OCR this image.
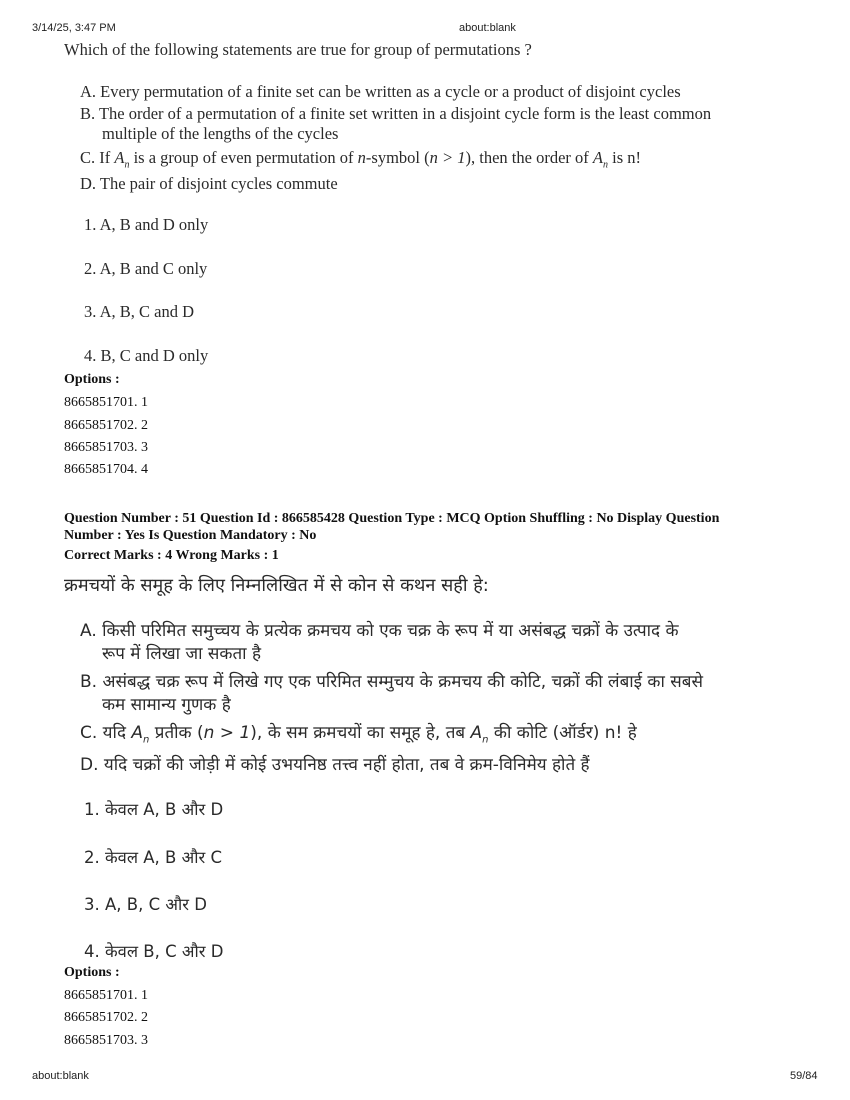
3/14/25, 3:47 PM	about:blank
Which of the following statements are true for group of permutations ?
A. Every permutation of a finite set can be written as a cycle or a product of disjoint cycles
B. The order of a permutation of a finite set written in a disjoint cycle form is the least common
multiple of the lengths of the cycles
C. If $A_n$ is a group of even permutation of n-symbol (n > 1), then the order of $A_n$ is n!
D. The pair of disjoint cycles commute
1. A, B and D only
2. A, B and C only
3. A, B, C and D
4. B, C and D only
Options :
8665851701. 1
8665851702. 2
8665851703. 3
8665851704. 4
Question Number : 51 Question Id : 866585428 Question Type : MCQ Option Shuffling : No Display Question
Number : Yes Is Question Mandatory : No
Correct Marks : 4 Wrong Marks : 1
क्रमचयों के समूह के लिए निम्नलिखित में से कोन से कथन सही हे:
A. किसी परिमित समुच्चय के प्रत्येक क्रमचय को एक चक्र के रूप में या असंबद्ध चक्रों के उत्पाद के
रूप में लिखा जा सकता है
B. असंबद्ध चक्र रूप में लिखे गए एक परिमित सम्मुचय के क्रमचय की कोटि, चक्रों की लंबाई का सबसे
कम सामान्य गुणक है
C. यदि $A_n$ प्रतीक (n > 1), के सम क्रमचयों का समूह हे, तब $A_n$ की कोटि (ऑर्डर) n! हे
D. यदि चक्रों की जोड़ी में कोई उभयनिष्ठ तत्त्व नहीं होता, तब वे क्रम-विनिमेय होते हैं
1. केवल A, B और D
2. केवल A, B और C
3. A, B, C और D
4. केवल B, C और D
Options :
8665851701. 1
8665851702. 2
8665851703. 3
about:blank	59/84
